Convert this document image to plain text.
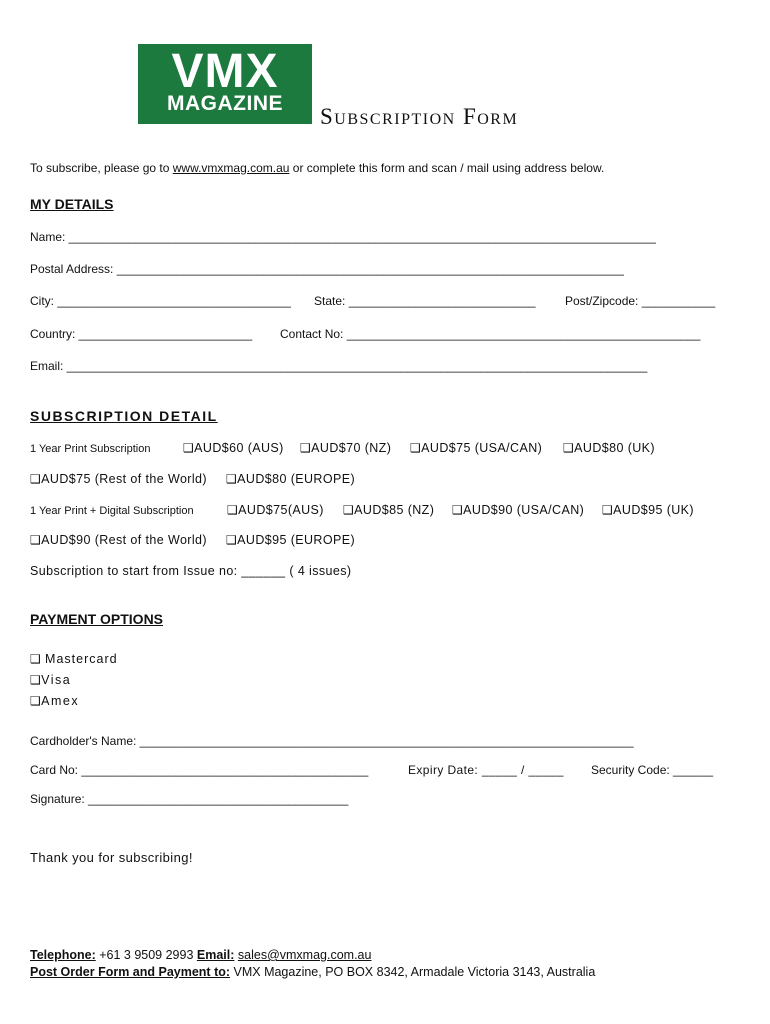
VMX
MAGAZINE
Subscription Form
To subscribe, please go to www.vmxmag.com.au or complete this form and scan / mail using address below.
MY DETAILS
Name: ________________________________________________________________________________________
Postal Address: ____________________________________________________________________________
City: ___________________________________ State: ____________________________ Post/Zipcode: ___________
Country: __________________________ Contact No: _____________________________________________________
Email: _______________________________________________________________________________________
SUBSCRIPTION DETAIL
1 Year Print Subscription	❑AUD$60 (AUS) ❑AUD$70 (NZ) ❑AUD$75 (USA/CAN) ❑AUD$80 (UK)
❑AUD$75 (Rest of the World) ❑AUD$80 (EUROPE)
1 Year Print + Digital Subscription	❑AUD$75(AUS) ❑AUD$85 (NZ) ❑AUD$90 (USA/CAN) ❑AUD$95 (UK)
❑AUD$90 (Rest of the World) ❑AUD$95 (EUROPE)
Subscription to start from Issue no: ______ ( 4 issues)
PAYMENT OPTIONS
❑ Mastercard
❑Visa
❑Amex
Cardholder's Name: __________________________________________________________________________
Card No: ___________________________________________	Expiry Date: _____ / _____ Security Code: ______
Signature: _______________________________________
Thank you for subscribing!
Telephone: +61 3 9509 2993 Email: sales@vmxmag.com.au
Post Order Form and Payment to: VMX Magazine, PO BOX 8342, Armadale Victoria 3143, Australia
